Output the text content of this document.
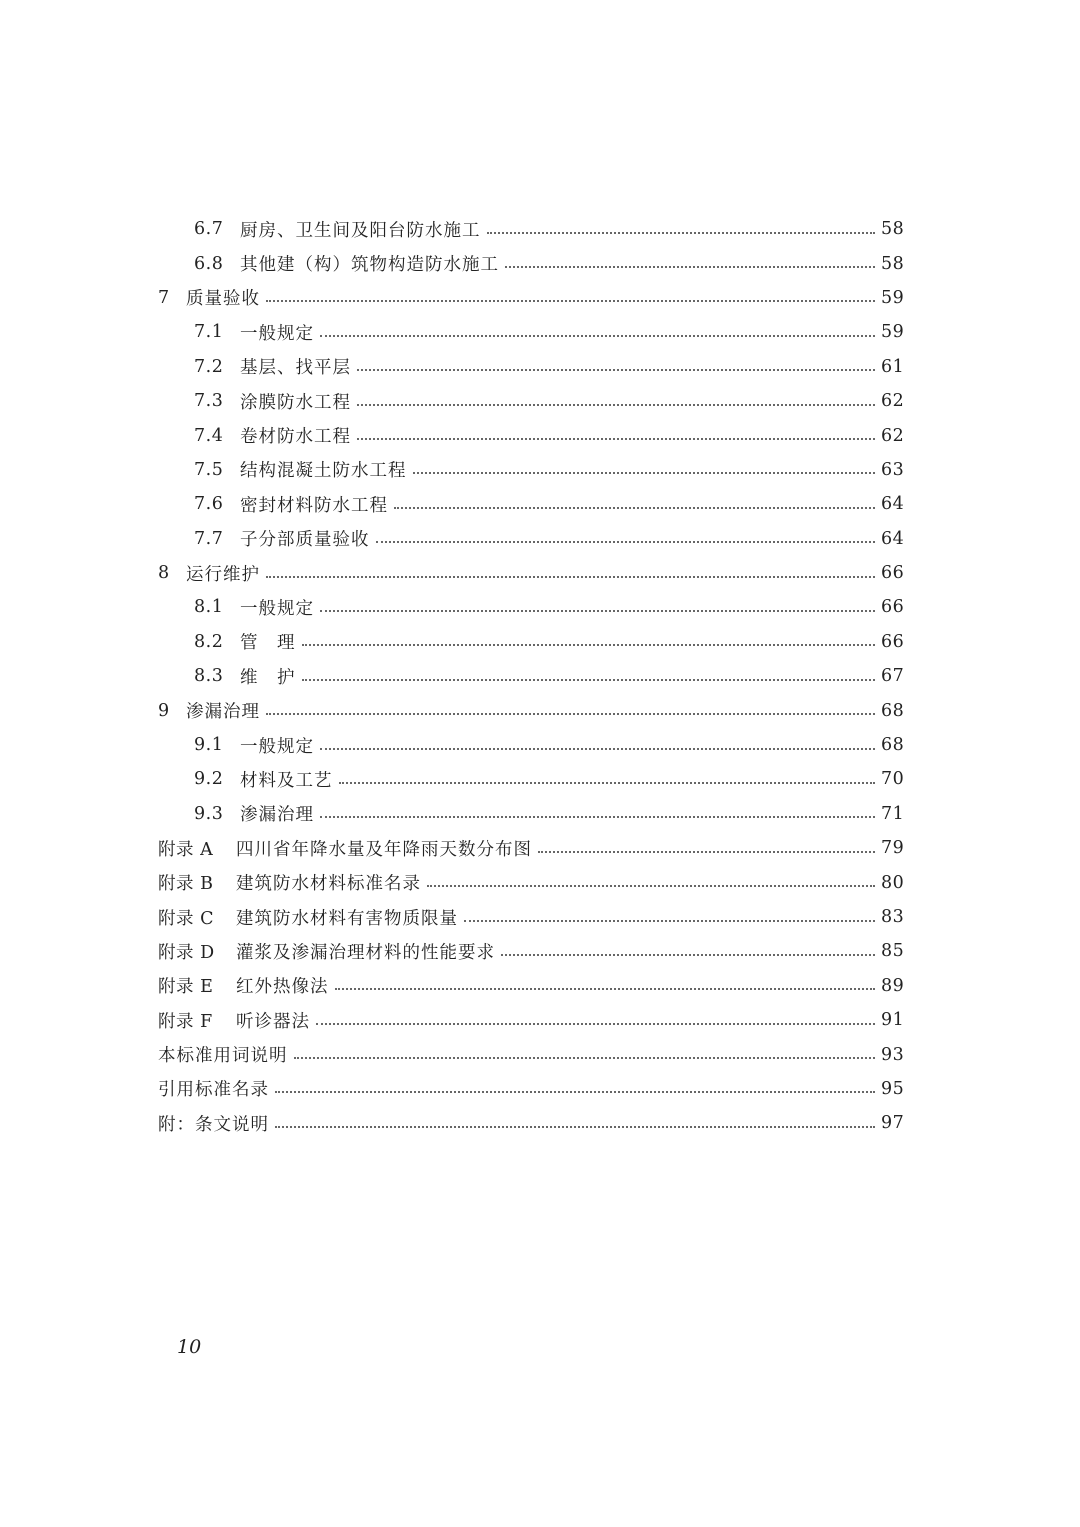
6.7 厨房、卫生间及阳台防水施工	58
6.8 其他建（构）筑物构造防水施工	58
7 质量验收	59
7.1 一般规定	59
7.2 基层、找平层	61
7.3 涂膜防水工程	62
7.4 卷材防水工程	62
7.5 结构混凝土防水工程	63
7.6 密封材料防水工程	64
7.7 子分部质量验收	64
8 运行维护	66
8.1 一般规定	66
8.2 管　理	66
8.3 维　护	67
9 渗漏治理	68
9.1 一般规定	68
9.2 材料及工艺	70
9.3 渗漏治理	71
附录 A	四川省年降水量及年降雨天数分布图	79
附录 B	建筑防水材料标准名录	80
附录 C	建筑防水材料有害物质限量	83
附录 D	灌浆及渗漏治理材料的性能要求	85
附录 E	红外热像法	89
附录 F	听诊器法	91
本标准用词说明	93
引用标准名录	95
附：条文说明	97
10
